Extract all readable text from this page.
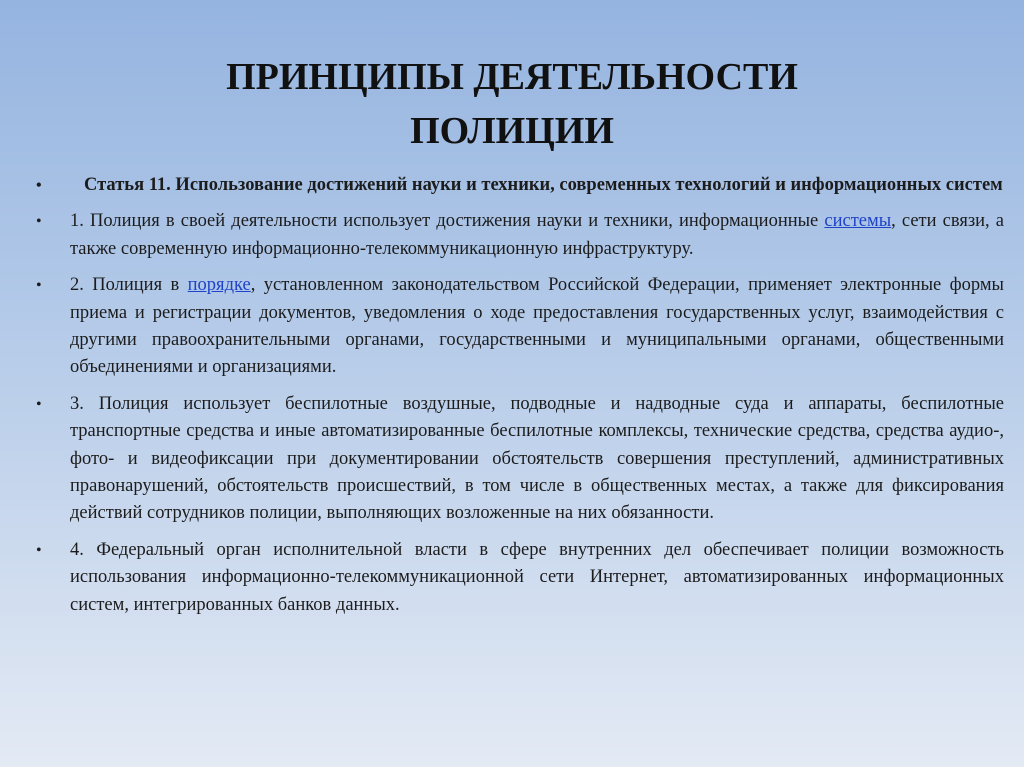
ПРИНЦИПЫ ДЕЯТЕЛЬНОСТИ
ПОЛИЦИИ
• Статья 11. Использование достижений науки и техники, современных технологий и информационных систем
• 1. Полиция в своей деятельности использует достижения науки и техники, информационные системы, сети связи, а также современную информационно-телекоммуникационную инфраструктуру.
• 2. Полиция в порядке, установленном законодательством Российской Федерации, применяет электронные формы приема и регистрации документов, уведомления о ходе предоставления государственных услуг, взаимодействия с другими правоохранительными органами, государственными и муниципальными органами, общественными объединениями и организациями.
• 3. Полиция использует беспилотные воздушные, подводные и надводные суда и аппараты, беспилотные транспортные средства и иные автоматизированные беспилотные комплексы, технические средства, средства аудио-, фото- и видеофиксации при документировании обстоятельств совершения преступлений, административных правонарушений, обстоятельств происшествий, в том числе в общественных местах, а также для фиксирования действий сотрудников полиции, выполняющих возложенные на них обязанности.
• 4. Федеральный орган исполнительной власти в сфере внутренних дел обеспечивает полиции возможность использования информационно-телекоммуникационной сети Интернет, автоматизированных информационных систем, интегрированных банков данных.
